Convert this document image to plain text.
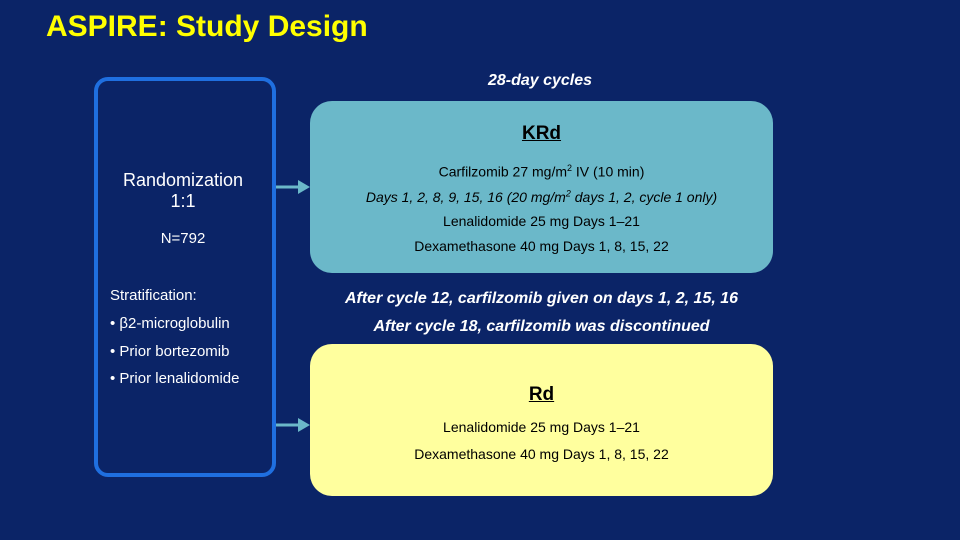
ASPIRE: Study Design
28-day cycles
Randomization
1:1
N=792
Stratification:
• β2-microglobulin
• Prior bortezomib
• Prior lenalidomide
KRd
Carfilzomib 27 $mg/m^2$ IV (10 min)
Days 1, 2, 8, 9, 15, 16 (20 $mg/m^2$ days 1, 2, cycle 1 only)
Lenalidomide 25 mg Days 1–21
Dexamethasone 40 mg Days 1, 8, 15, 22
After cycle 12, carfilzomib given on days 1, 2, 15, 16
After cycle 18, carfilzomib was discontinued
Rd
Lenalidomide 25 mg Days 1–21
Dexamethasone 40 mg Days 1, 8, 15, 22
